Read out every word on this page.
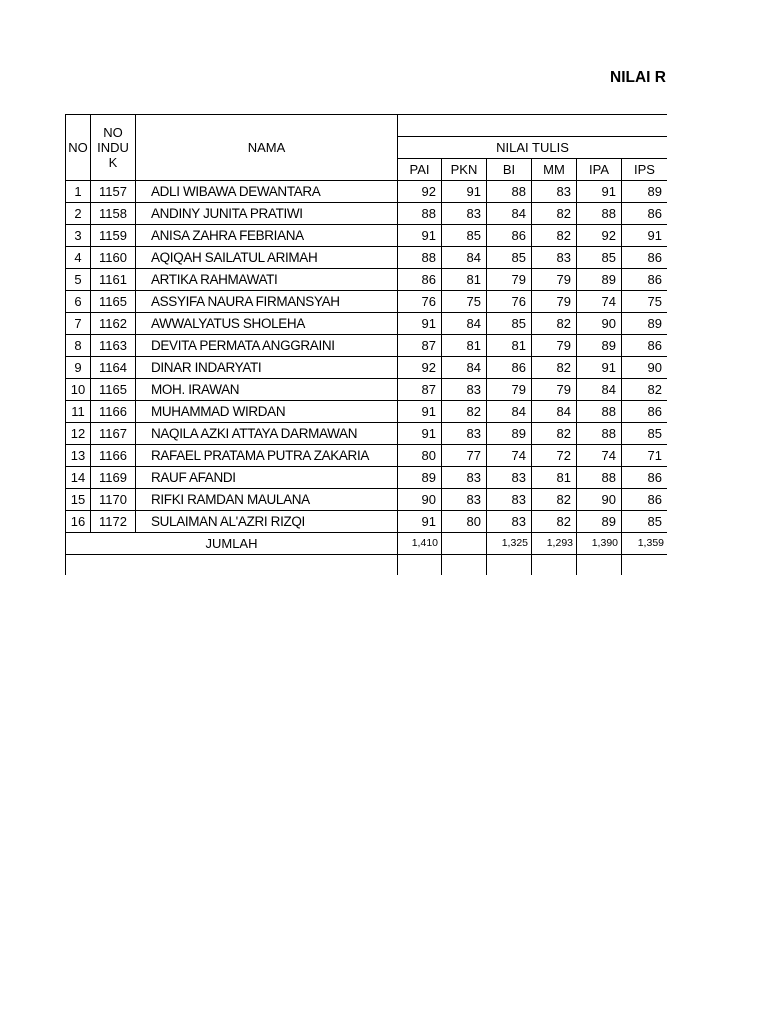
NILAI R
NO	NO
INDU
K	NAMA							
			NILAI TULIS						
			PAI	PKN	BI	MM	IPA	IPS	
1	1157	ADLI WIBAWA DEWANTARA	92	91	88	83	91	89	
2	1158	ANDINY JUNITA PRATIWI	88	83	84	82	88	86	
3	1159	ANISA ZAHRA FEBRIANA	91	85	86	82	92	91	
4	1160	AQIQAH SAILATUL ARIMAH	88	84	85	83	85	86	
5	1161	ARTIKA RAHMAWATI	86	81	79	79	89	86	
6	1165	ASSYIFA NAURA FIRMANSYAH	76	75	76	79	74	75	
7	1162	AWWALYATUS SHOLEHA	91	84	85	82	90	89	
8	1163	DEVITA PERMATA ANGGRAINI	87	81	81	79	89	86	
9	1164	DINAR INDARYATI	92	84	86	82	91	90	
10	1165	MOH. IRAWAN	87	83	79	79	84	82	
11	1166	MUHAMMAD WIRDAN	91	82	84	84	88	86	
12	1167	NAQILA AZKI ATTAYA DARMAWAN	91	83	89	82	88	85	
13	1166	RAFAEL PRATAMA PUTRA ZAKARIA	80	77	74	72	74	71	
14	1169	RAUF AFANDI	89	83	83	81	88	86	
15	1170	RIFKI RAMDAN MAULANA	90	83	83	82	90	86	
16	1172	SULAIMAN AL'AZRI RIZQI	91	80	83	82	89	85	
JUMLAH			1,410		1,325	1,293	1,390	1,359	
